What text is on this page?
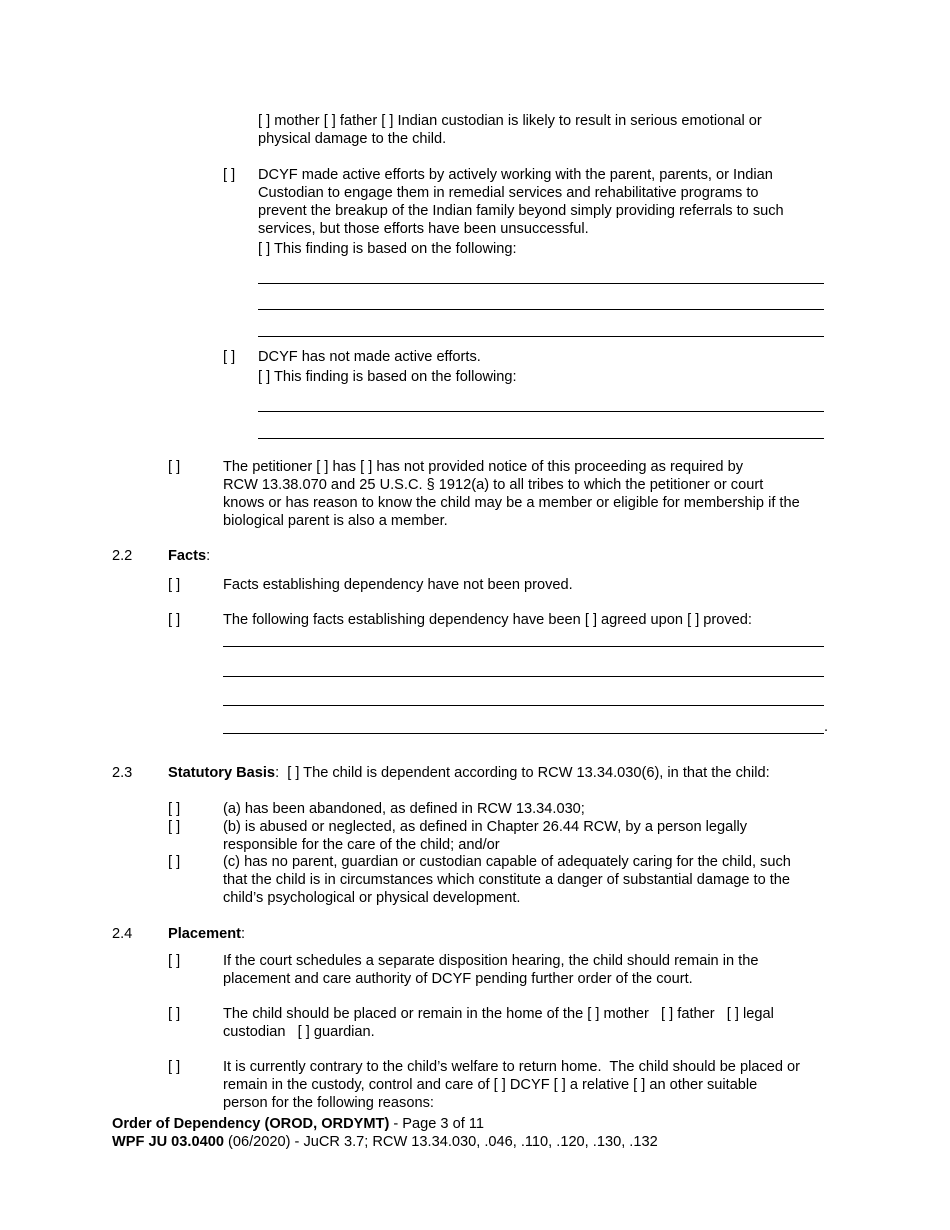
[ ] mother [ ] father [ ] Indian custodian is likely to result in serious emotional or
physical damage to the child.
[ ] DCYF made active efforts by actively working with the parent, parents, or Indian
Custodian to engage them in remedial services and rehabilitative programs to
prevent the breakup of the Indian family beyond simply providing referrals to such
services, but those efforts have been unsuccessful.
[ ] This finding is based on the following:
[ ] DCYF has not made active efforts.
[ ] This finding is based on the following:
[ ]	The petitioner [ ] has [ ] has not provided notice of this proceeding as required by
RCW 13.38.070 and 25 U.S.C. § 1912(a) to all tribes to which the petitioner or court
knows or has reason to know the child may be a member or eligible for membership if the
biological parent is also a member.
2.2 Facts:
[ ]	Facts establishing dependency have not been proved.
[ ]	The following facts establishing dependency have been [ ] agreed upon [ ] proved:
.
2.3 Statutory Basis:  [ ] The child is dependent according to RCW 13.34.030(6), in that the child:
[ ]	(a) has been abandoned, as defined in RCW 13.34.030;
[ ]	(b) is abused or neglected, as defined in Chapter 26.44 RCW, by a person legally
responsible for the care of the child; and/or
[ ]	(c) has no parent, guardian or custodian capable of adequately caring for the child, such
that the child is in circumstances which constitute a danger of substantial damage to the
child’s psychological or physical development.
2.4 Placement:
[ ]	If the court schedules a separate disposition hearing, the child should remain in the
placement and care authority of DCYF pending further order of the court.
[ ]	The child should be placed or remain in the home of the [ ] mother   [ ] father   [ ] legal
custodian   [ ] guardian.
[ ]	It is currently contrary to the child’s welfare to return home.  The child should be placed or
remain in the custody, control and care of [ ] DCYF [ ] a relative [ ] an other suitable
person for the following reasons:
Order of Dependency (OROD, ORDYMT) - Page 3 of 11
WPF JU 03.0400 (06/2020) - JuCR 3.7; RCW 13.34.030, .046, .110, .120, .130, .132
